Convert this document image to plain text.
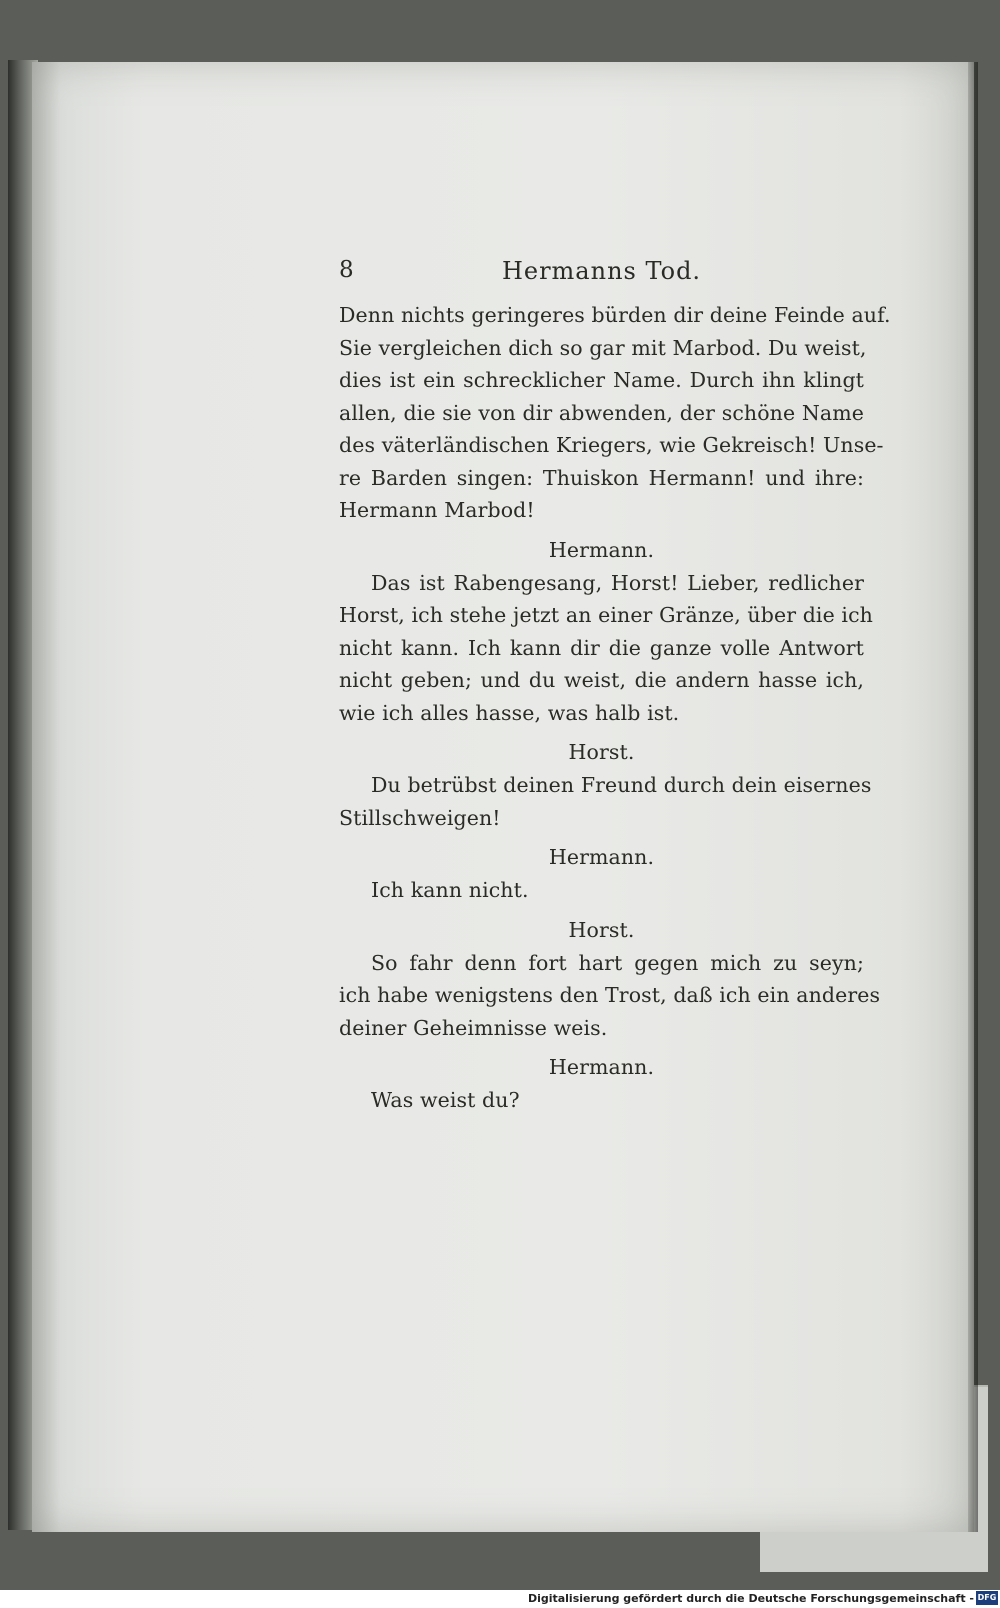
8	Hermanns Tod.
Denn nichts geringeres bürden dir deine Feinde auf.
Sie vergleichen dich so gar mit Marbod. Du weist,
dies ist ein schrecklicher Name. Durch ihn klingt
allen, die sie von dir abwenden, der schöne Name
des väterländischen Kriegers, wie Gekreisch! Unse-
re Barden singen: Thuiskon Hermann! und ihre:
Hermann Marbod!
Hermann.
Das ist Rabengesang, Horst! Lieber, redlicher
Horst, ich stehe jetzt an einer Gränze, über die ich
nicht kann. Ich kann dir die ganze volle Antwort
nicht geben; und du weist, die andern hasse ich,
wie ich alles hasse, was halb ist.
Horst.
Du betrübst deinen Freund durch dein eisernes
Stillschweigen!
Hermann.
Ich kann nicht.
Horst.
So fahr denn fort hart gegen mich zu seyn;
ich habe wenigstens den Trost, daß ich ein anderes
deiner Geheimnisse weis.
Hermann.
Was weist du?
Digitalisierung gefördert durch die Deutsche Forschungsgemeinschaft - DFG
